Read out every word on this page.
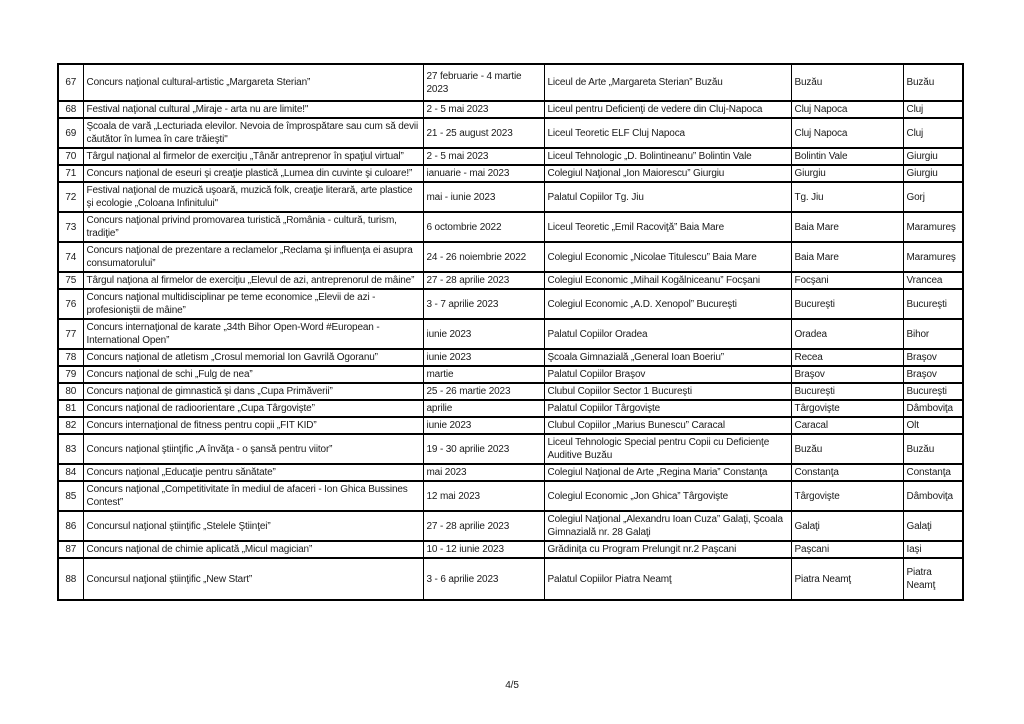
67	Concurs naţional cultural-artistic „Margareta Sterian”	27 februarie - 4 martie 2023	Liceul de Arte „Margareta Sterian” Buzău	Buzău	Buzău
68	Festival naţional cultural „Miraje - arta nu are limite!"	2 - 5 mai 2023	Liceul pentru Deficienţi de vedere din Cluj-Napoca	Cluj Napoca	Cluj
69	Şcoala de vară „Lecturiada elevilor. Nevoia de împrospătare sau cum să devii căutător în lumea în care trăieşti"	21 - 25 august 2023	Liceul Teoretic ELF Cluj Napoca	Cluj Napoca	Cluj
70	Târgul naţional al firmelor de exerciţiu „Tânăr antreprenor în spaţiul virtual”	2 - 5 mai 2023	Liceul Tehnologic „D. Bolintineanu” Bolintin Vale	Bolintin Vale	Giurgiu
71	Concurs naţional de eseuri şi creaţie plastică „Lumea din cuvinte şi culoare!”	ianuarie - mai 2023	Colegiul Naţional „Ion Maiorescu” Giurgiu	Giurgiu	Giurgiu
72	Festival naţional de muzică uşoară, muzică folk, creaţie literară, arte plastice şi ecologie „Coloana Infinitului"	mai - iunie 2023	Palatul Copiilor Tg. Jiu	Tg. Jiu	Gorj
73	Concurs naţional privind promovarea turistică „România - cultură, turism, tradiţie”	6 octombrie 2022	Liceul Teoretic „Emil Racoviţă” Baia Mare	Baia Mare	Maramureş
74	Concurs naţional de prezentare a reclamelor „Reclama şi influenţa ei asupra consumatorului”	24 - 26 noiembrie 2022	Colegiul Economic „Nicolae Titulescu” Baia Mare	Baia Mare	Maramureş
75	Târgul naţiona al firmelor de exerciţiu „Elevul de azi, antreprenorul de mâine”	27 - 28 aprilie 2023	Colegiul Economic „Mihail Kogălniceanu” Focşani	Focşani	Vrancea
76	Concurs naţional multidisciplinar pe teme economice „Elevii de azi - profesioniştii de mâine”	3 - 7 aprilie 2023	Colegiul Economic „A.D. Xenopol” Bucureşti	Bucureşti	Bucureşti
77	Concurs internaţional de karate „34th Bihor Open-Word #European - International Open”	iunie 2023	Palatul Copiilor Oradea	Oradea	Bihor
78	Concurs naţional de atletism „Crosul memorial Ion Gavrilă Ogoranu”	iunie 2023	Şcoala Gimnazială „General Ioan Boeriu”	Recea	Braşov
79	Concurs naţional de schi „Fulg de nea”	martie	Palatul Copiilor Braşov	Braşov	Braşov
80	Concurs naţional de gimnastică şi dans „Cupa Primăverii”	25 - 26 martie 2023	Clubul Copiilor Sector 1 Bucureşti	Bucureşti	Bucureşti
81	Concurs naţional de radioorientare „Cupa Târgovişte”	aprilie	Palatul Copiilor Târgovişte	Târgovişte	Dâmboviţa
82	Concurs internaţional de fitness pentru copii „FIT KID”	iunie 2023	Clubul Copiilor „Marius Bunescu” Caracal	Caracal	Olt
83	Concurs naţional ştiinţific „A învăţa - o şansă pentru viitor”	19 - 30 aprilie 2023	Liceul Tehnologic Special pentru Copii cu Deficienţe Auditive Buzău	Buzău	Buzău
84	Concurs naţional „Educaţie pentru sănătate”	mai 2023	Colegiul Naţional de Arte „Regina Maria” Constanţa	Constanţa	Constanţa
85	Concurs naţional „Competitivitate în mediul de afaceri - Ion Ghica Bussines Contest”	12 mai 2023	Colegiul Economic „Jon Ghica” Târgovişte	Târgovişte	Dâmboviţa
86	Concursul naţional ştiinţific „Stelele Ştiinţei”	27 - 28 aprilie 2023	Colegiul Naţional „Alexandru Ioan Cuza” Galaţi, Şcoala Gimnazială nr. 28 Galaţi	Galaţi	Galaţi
87	Concurs naţional de chimie aplicată „Micul magician”	10 - 12 iunie 2023	Grădiniţa cu Program Prelungit nr.2 Paşcani	Paşcani	Iaşi
88	Concursul naţional ştiinţific „New Start”	3 - 6 aprilie 2023	Palatul Copiilor Piatra Neamţ	Piatra Neamţ	Piatra Neamţ
4/5
